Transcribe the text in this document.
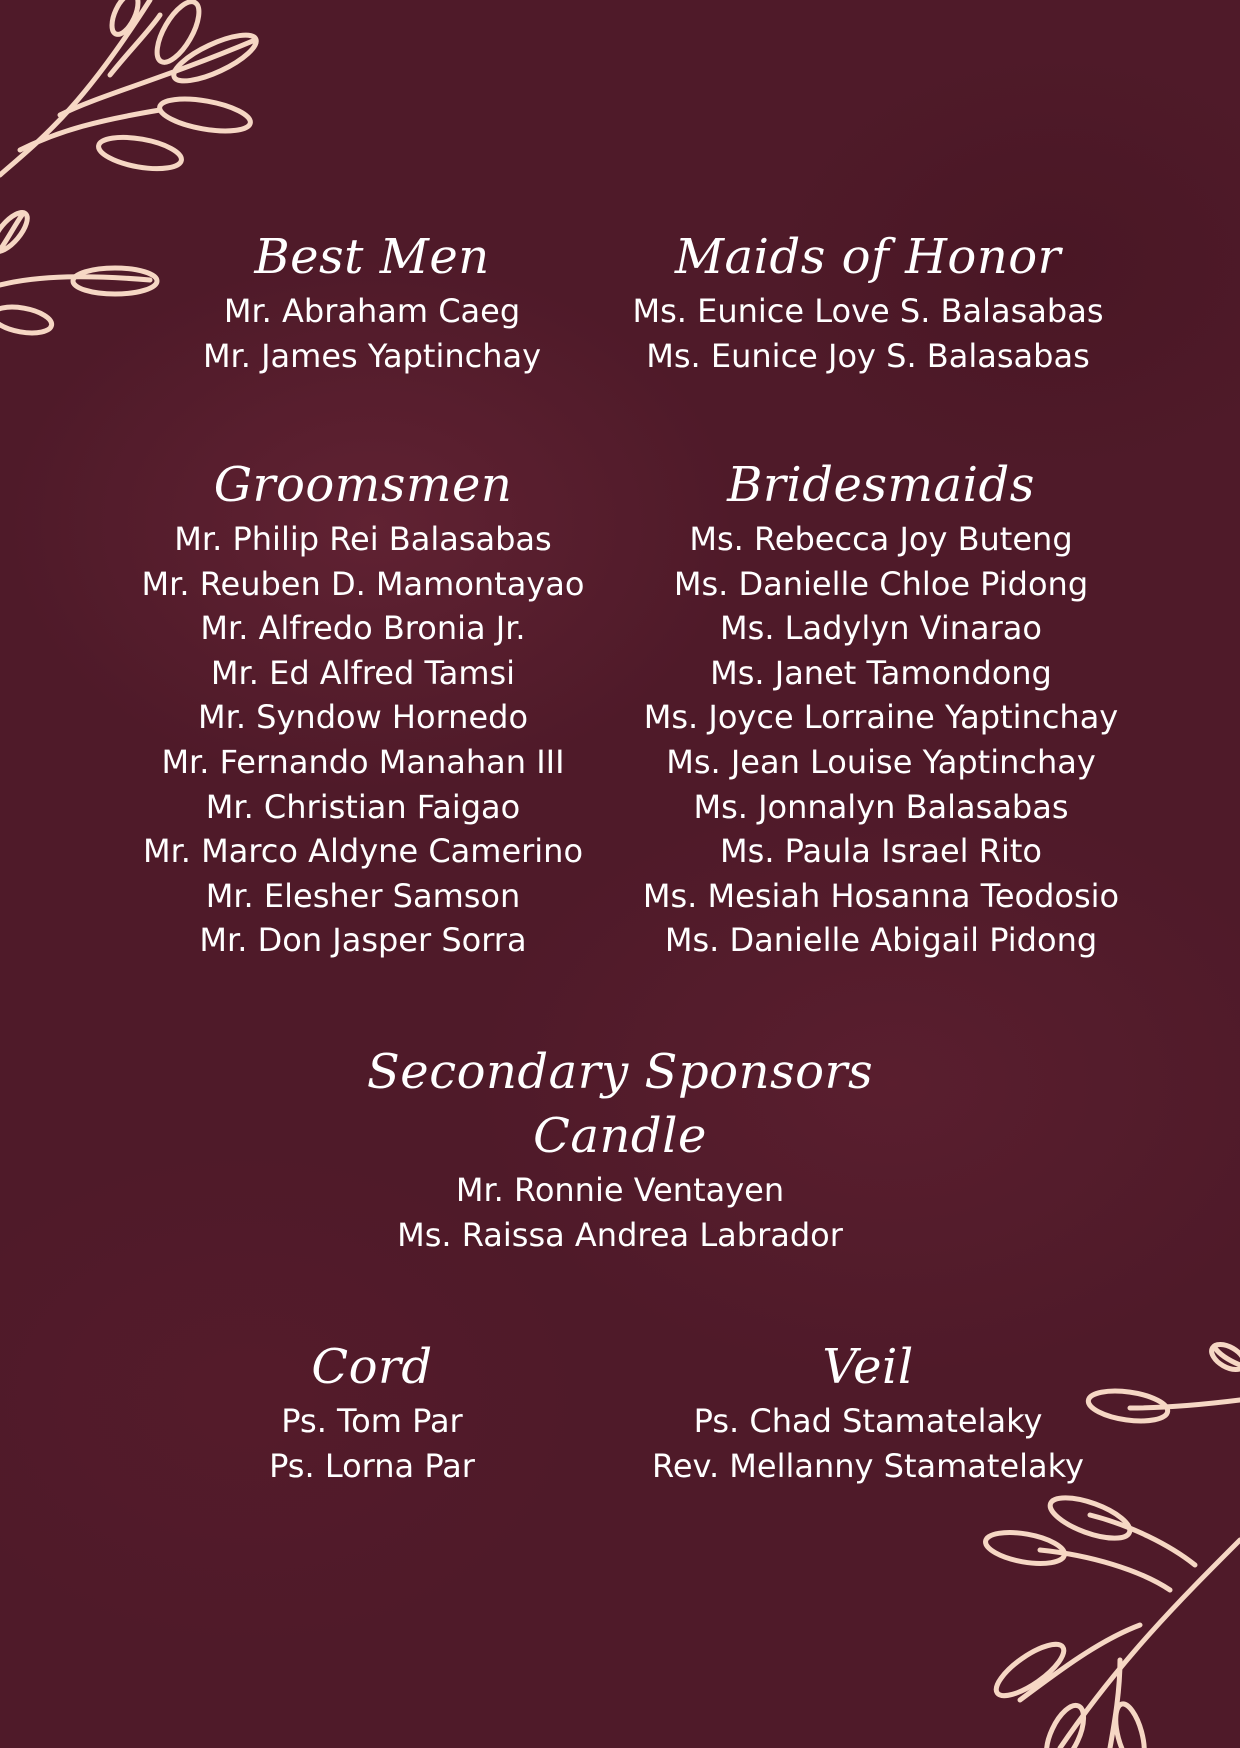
Best Men
Mr. Abraham Caeg
Mr. James Yaptinchay
Maids of Honor
Ms. Eunice Love S. Balasabas
Ms. Eunice Joy S. Balasabas
Groomsmen
Mr. Philip Rei Balasabas
Mr. Reuben D. Mamontayao
Mr. Alfredo Bronia Jr.
Mr. Ed Alfred Tamsi
Mr. Syndow Hornedo
Mr. Fernando Manahan III
Mr. Christian Faigao
Mr. Marco Aldyne Camerino
Mr. Elesher Samson
Mr. Don Jasper Sorra
Bridesmaids
Ms. Rebecca Joy Buteng
Ms. Danielle Chloe Pidong
Ms. Ladylyn Vinarao
Ms. Janet Tamondong
Ms. Joyce Lorraine Yaptinchay
Ms. Jean Louise Yaptinchay
Ms. Jonnalyn Balasabas
Ms. Paula Israel Rito
Ms. Mesiah Hosanna Teodosio
Ms. Danielle Abigail Pidong
Secondary Sponsors
Candle
Mr. Ronnie Ventayen
Ms. Raissa Andrea Labrador
Cord
Ps. Tom Par
Ps. Lorna Par
Veil
Ps. Chad Stamatelaky
Rev. Mellanny Stamatelaky
